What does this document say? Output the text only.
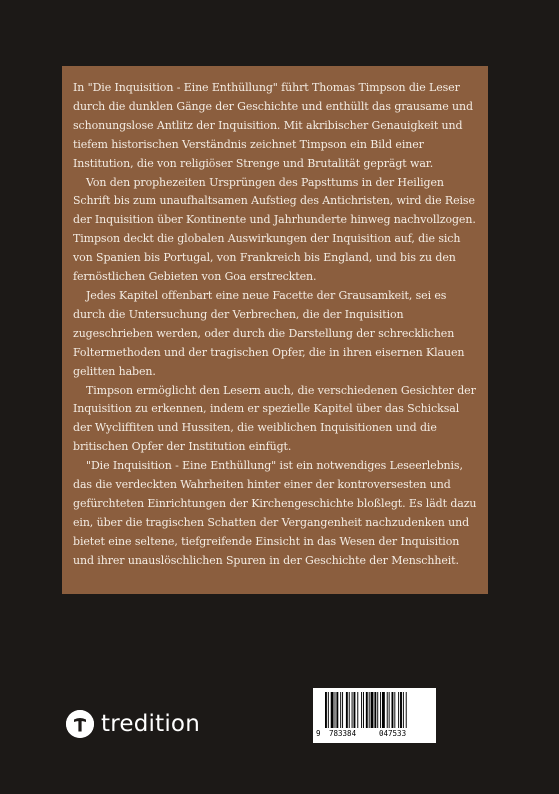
In "Die Inquisition - Eine Enthüllung" führt Thomas Timpson die Leser durch die dunklen Gänge der Geschichte und enthüllt das grausame und schonungslose Antlitz der Inquisition. Mit akribischer Genauigkeit und tiefem historischen Verständnis zeichnet Timpson ein Bild einer Institution, die von religiöser Strenge und Brutalität geprägt war.

Von den prophezeiten Ursprüngen des Papsttums in der Heiligen Schrift bis zum unaufhaltsamen Aufstieg des Antichristen, wird die Reise der Inquisition über Kontinente und Jahrhunderte hinweg nachvollzogen. Timpson deckt die globalen Auswirkungen der Inquisition auf, die sich von Spanien bis Portugal, von Frankreich bis England, und bis zu den fernöstlichen Gebieten von Goa erstreckten.

Jedes Kapitel offenbart eine neue Facette der Grausamkeit, sei es durch die Untersuchung der Verbrechen, die der Inquisition zugeschrieben werden, oder durch die Darstellung der schrecklichen Foltermethoden und der tragischen Opfer, die in ihren eisernen Klauen gelitten haben.

Timpson ermöglicht den Lesern auch, die verschiedenen Gesichter der Inquisition zu erkennen, indem er spezielle Kapitel über das Schicksal der Wycliffiten und Hussiten, die weiblichen Inquisitionen und die britischen Opfer der Institution einfügt.

"Die Inquisition - Eine Enthüllung" ist ein notwendiges Leseerlebnis, das die verdeckten Wahrheiten hinter einer der kontroversesten und gefürchteten Einrichtungen der Kirchengeschichte bloßlegt. Es lädt dazu ein, über die tragischen Schatten der Vergangenheit nachzudenken und bietet eine seltene, tiefgreifende Einsicht in das Wesen der Inquisition und ihrer unauslöschlichen Spuren in der Geschichte der Menschheit.

tredition	9 783384	047533
